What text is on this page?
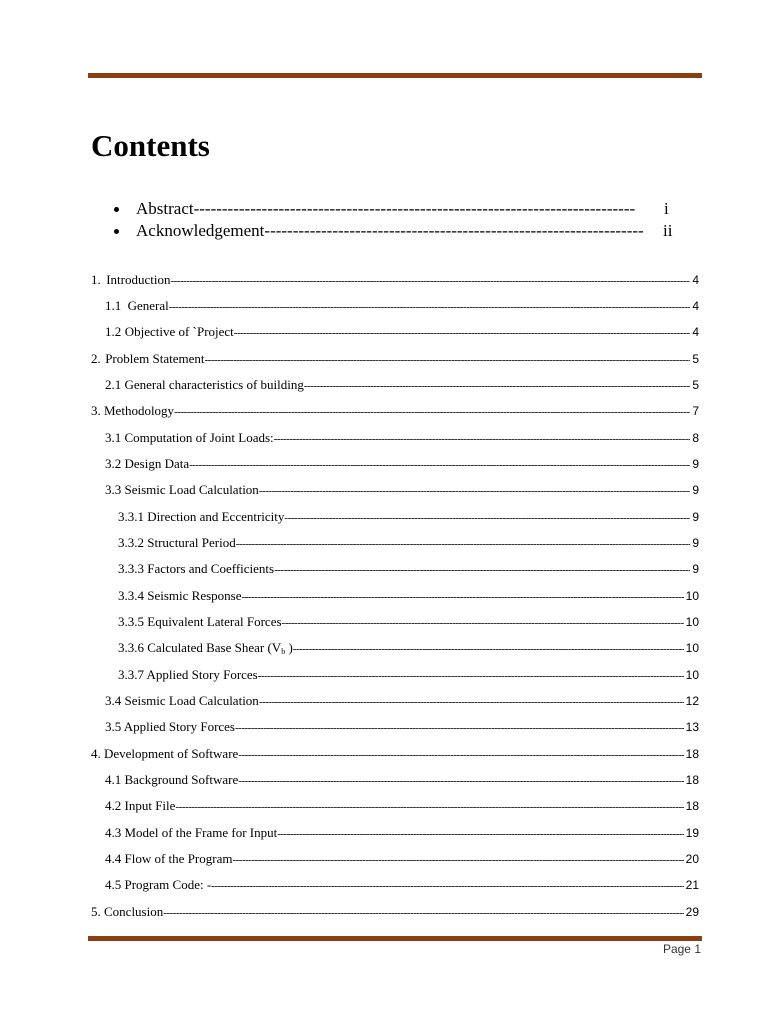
Contents
Abstract------------------------------------------------------------------------------ i
Acknowledgement------------------------------------------------------------------- ii
1. Introduction -----	4
1.1 General -----	4
1.2 Objective of `Project -----	4
2. Problem Statement -----	5
2.1 General characteristics of building -----	5
3. Methodology -----	7
3.1 Computation of Joint Loads: -----	8
3.2 Design Data -----	9
3.3 Seismic Load Calculation -----	9
3.3.1 Direction and Eccentricity -----	9
3.3.2 Structural Period -----	9
3.3.3 Factors and Coefficients -----	9
3.3.4 Seismic Response -----	10
3.3.5 Equivalent Lateral Forces -----	10
3.3.6 Calculated Base Shear ($V_b$ ) -----	10
3.3.7 Applied Story Forces -----	10
3.4 Seismic Load Calculation -----	12
3.5 Applied Story Forces -----	13
4. Development of Software -----	18
4.1 Background Software -----	18
4.2 Input File -----	18
4.3 Model of the Frame for Input -----	19
4.4 Flow of the Program -----	20
4.5 Program Code: - -----	21
5. Conclusion -----	29
Page 1
